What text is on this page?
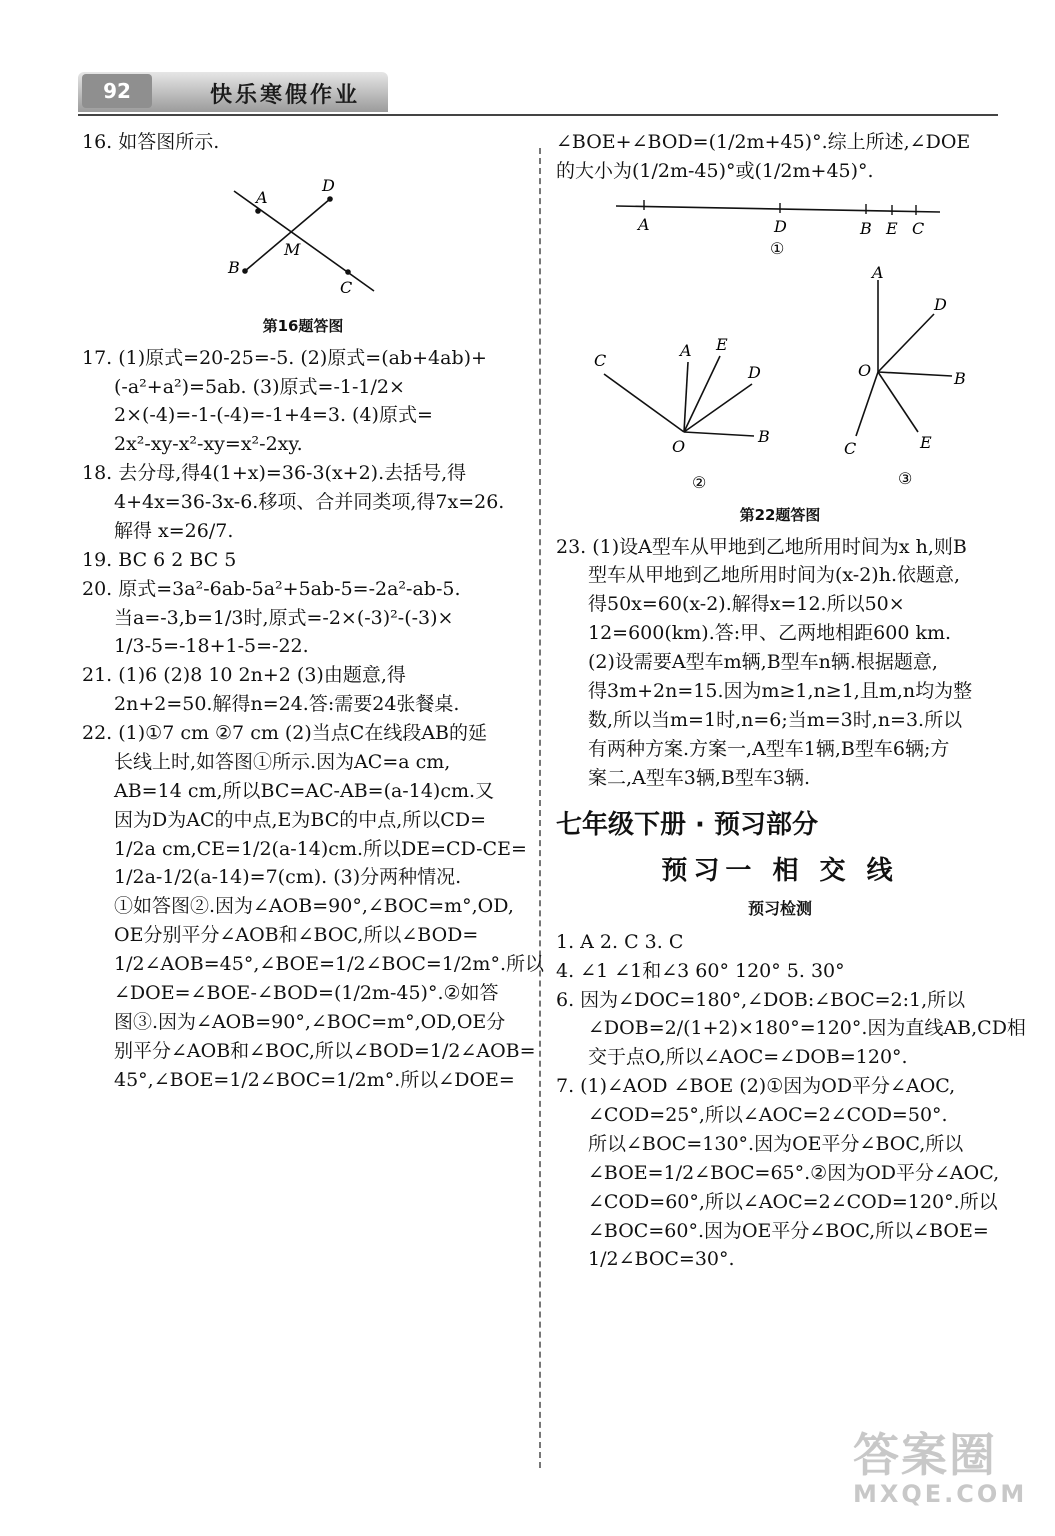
92	快乐寒假作业
16. 如答图所示.
A
D
M
B
C
第16题答图
17. (1)原式=20-25=-5. (2)原式=(ab+4ab)+
(-a²+a²)=5ab. (3)原式=-1-1/2×
2×(-4)=-1-(-4)=-1+4=3. (4)原式=
2x²-xy-x²-xy=x²-2xy.
18. 去分母,得4(1+x)=36-3(x+2).去括号,得
4+4x=36-3x-6.移项、合并同类项,得7x=26.
解得 x=26/7.
19. BC 6 2 BC 5
20. 原式=3a²-6ab-5a²+5ab-5=-2a²-ab-5.
当a=-3,b=1/3时,原式=-2×(-3)²-(-3)×
1/3-5=-18+1-5=-22.
21. (1)6 (2)8 10 2n+2 (3)由题意,得
2n+2=50.解得n=24.答:需要24张餐桌.
22. (1)①7 cm ②7 cm (2)当点C在线段AB的延
长线上时,如答图①所示.因为AC=a cm,
AB=14 cm,所以BC=AC-AB=(a-14)cm.又
因为D为AC的中点,E为BC的中点,所以CD=
1/2a cm,CE=1/2(a-14)cm.所以DE=CD-CE=
1/2a-1/2(a-14)=7(cm). (3)分两种情况.
①如答图②.因为∠AOB=90°,∠BOC=m°,OD,
OE分别平分∠AOB和∠BOC,所以∠BOD=
1/2∠AOB=45°,∠BOE=1/2∠BOC=1/2m°.所以
∠DOE=∠BOE-∠BOD=(1/2m-45)°.②如答
图③.因为∠AOB=90°,∠BOC=m°,OD,OE分
别平分∠AOB和∠BOC,所以∠BOD=1/2∠AOB=
45°,∠BOE=1/2∠BOC=1/2m°.所以∠DOE=
∠BOE+∠BOD=(1/2m+45)°.综上所述,∠DOE
的大小为(1/2m-45)°或(1/2m+45)°.
A	D	B E C
①
C
A E
D
O
B
②
A
D
O	B
C	E
③
第22题答图
23. (1)设A型车从甲地到乙地所用时间为x h,则B
型车从甲地到乙地所用时间为(x-2)h.依题意,
得50x=60(x-2).解得x=12.所以50×
12=600(km).答:甲、乙两地相距600 km.
(2)设需要A型车m辆,B型车n辆.根据题意,
得3m+2n=15.因为m≥1,n≥1,且m,n均为整
数,所以当m=1时,n=6;当m=3时,n=3.所以
有两种方案.方案一,A型车1辆,B型车6辆;方
案二,A型车3辆,B型车3辆.
七年级下册 · 预习部分
预习一 相 交 线
预习检测
1. A 2. C 3. C
4. ∠1 ∠1和∠3 60° 120° 5. 30°
6. 因为∠DOC=180°,∠DOB:∠BOC=2:1,所以
∠DOB=2/(1+2)×180°=120°.因为直线AB,CD相
交于点O,所以∠AOC=∠DOB=120°.
7. (1)∠AOD ∠BOE (2)①因为OD平分∠AOC,
∠COD=25°,所以∠AOC=2∠COD=50°.
所以∠BOC=130°.因为OE平分∠BOC,所以
∠BOE=1/2∠BOC=65°.②因为OD平分∠AOC,
∠COD=60°,所以∠AOC=2∠COD=120°.所以
∠BOC=60°.因为OE平分∠BOC,所以∠BOE=
1/2∠BOC=30°.
答案圈
MXQE.COM
